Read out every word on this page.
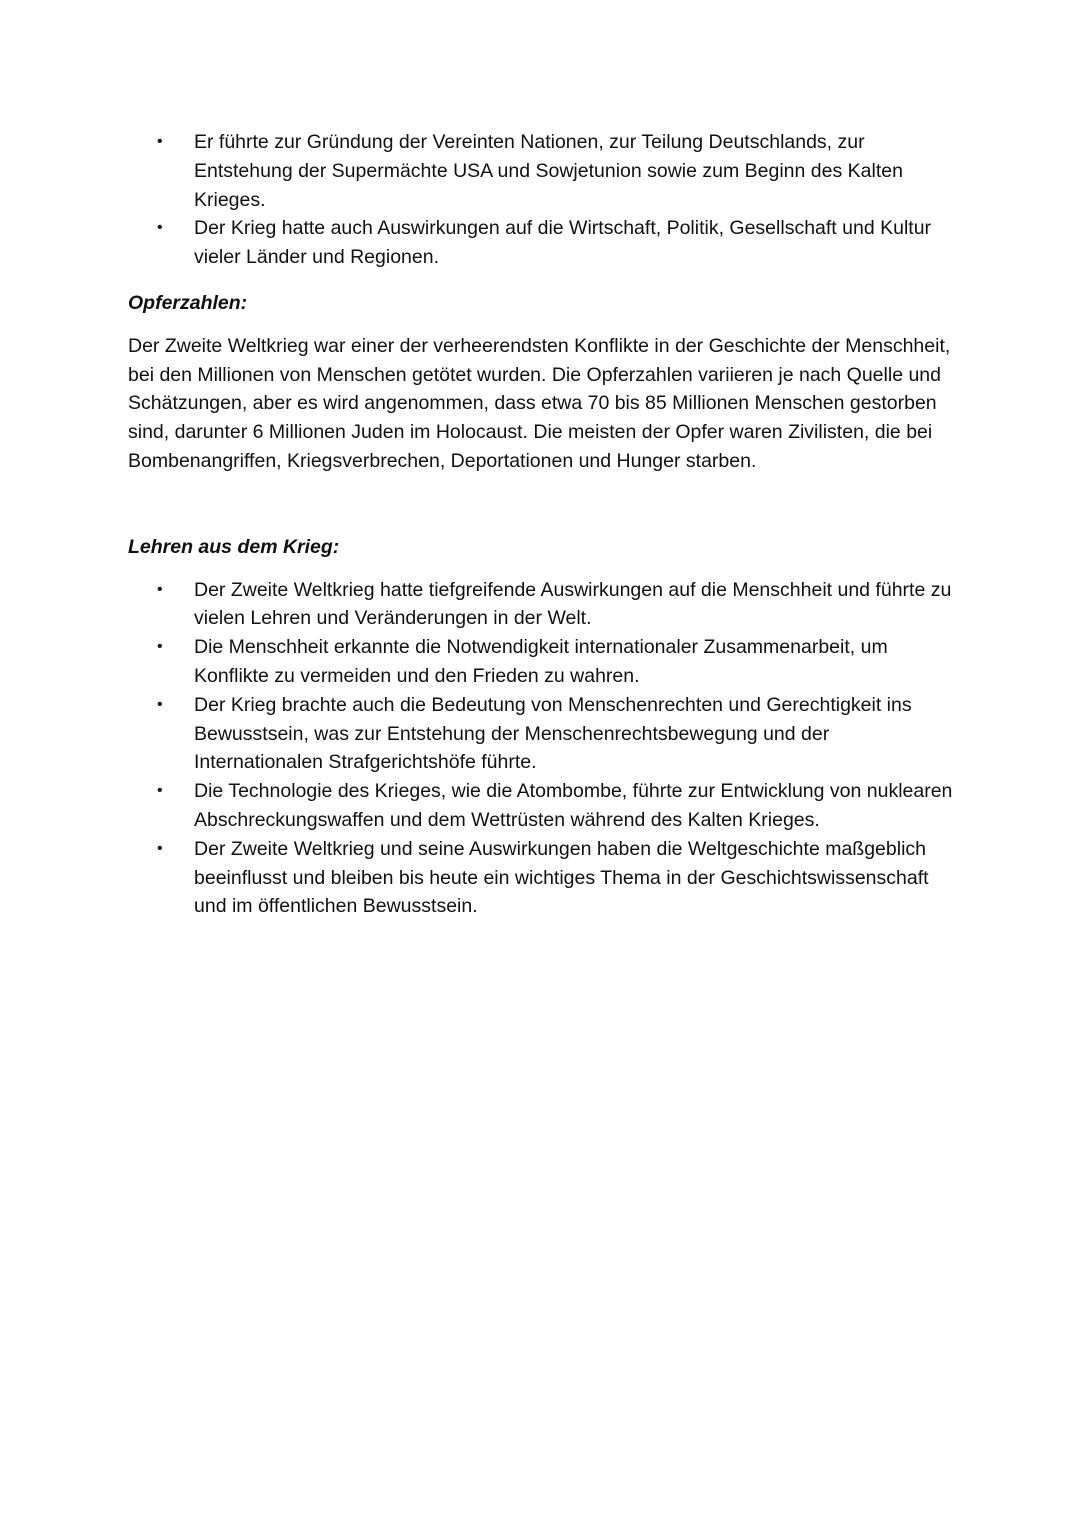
• Er führte zur Gründung der Vereinten Nationen, zur Teilung Deutschlands, zur Entstehung der Supermächte USA und Sowjetunion sowie zum Beginn des Kalten Krieges.
• Der Krieg hatte auch Auswirkungen auf die Wirtschaft, Politik, Gesellschaft und Kultur vieler Länder und Regionen.

Opferzahlen:

Der Zweite Weltkrieg war einer der verheerendsten Konflikte in der Geschichte der Menschheit, bei den Millionen von Menschen getötet wurden. Die Opferzahlen variieren je nach Quelle und Schätzungen, aber es wird angenommen, dass etwa 70 bis 85 Millionen Menschen gestorben sind, darunter 6 Millionen Juden im Holocaust. Die meisten der Opfer waren Zivilisten, die bei Bombenangriffen, Kriegsverbrechen, Deportationen und Hunger starben.

Lehren aus dem Krieg:

• Der Zweite Weltkrieg hatte tiefgreifende Auswirkungen auf die Menschheit und führte zu vielen Lehren und Veränderungen in der Welt.
• Die Menschheit erkannte die Notwendigkeit internationaler Zusammenarbeit, um Konflikte zu vermeiden und den Frieden zu wahren.
• Der Krieg brachte auch die Bedeutung von Menschenrechten und Gerechtigkeit ins Bewusstsein, was zur Entstehung der Menschenrechtsbewegung und der Internationalen Strafgerichtshöfe führte.
• Die Technologie des Krieges, wie die Atombombe, führte zur Entwicklung von nuklearen Abschreckungswaffen und dem Wettrüsten während des Kalten Krieges.
• Der Zweite Weltkrieg und seine Auswirkungen haben die Weltgeschichte maßgeblich beeinflusst und bleiben bis heute ein wichtiges Thema in der Geschichtswissenschaft und im öffentlichen Bewusstsein.
